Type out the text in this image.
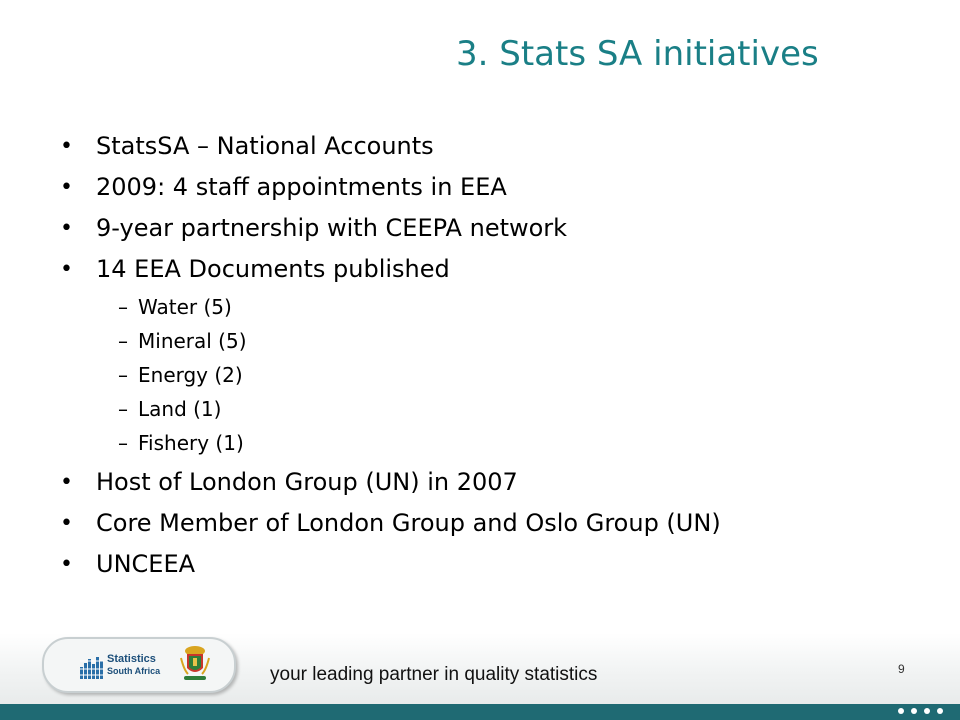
3. Stats SA initiatives
• StatsSA – National Accounts
• 2009: 4 staff appointments in EEA
• 9-year partnership with CEEPA network
• 14 EEA Documents published
– Water (5)
– Mineral (5)
– Energy (2)
– Land (1)
– Fishery (1)
• Host of London Group (UN) in 2007
• Core Member of London Group and Oslo Group (UN)
• UNCEEA
Statistics
South Africa	your leading partner in quality statistics	9
